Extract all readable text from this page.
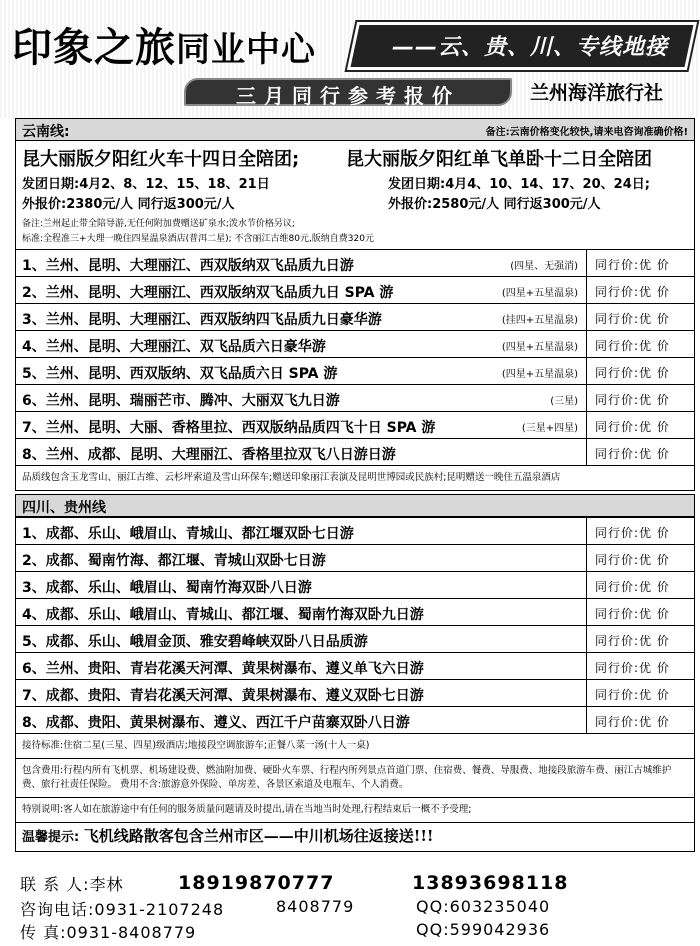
印象之旅同业中心	——云、贵、川、专线地接
三月同行参考报价	兰州海洋旅行社
云南线:	备注:云南价格变化较快,请来电咨询准确价格!
昆大丽版夕阳红火车十四日全陪团;	昆大丽版夕阳红单飞单卧十二日全陪团
发团日期:4月2、8、12、15、18、21日	发团日期:4月4、10、14、17、20、24日;
外报价:2380元/人 同行返300元/人	外报价:2580元/人 同行返300元/人
备注:兰州起止带全陪导游,无任何附加费赠送矿泉水;泼水节价格另议;
标准:全程准三+大理一晚住四星温泉酒店(普洱二星); 不含丽江古维80元,版纳自费320元
1、兰州、昆明、大理丽江、西双版纳双飞品质九日游	(四星、无强消)	同行价:优 价
2、兰州、昆明、大理丽江、西双版纳双飞品质九日 SPA 游	(四星+五星温泉)	同行价:优 价
3、兰州、昆明、大理丽江、西双版纳四飞品质九日豪华游	(挂四+五星温泉)	同行价:优 价
4、兰州、昆明、大理丽江、双飞品质六日豪华游	(四星+五星温泉)	同行价:优 价
5、兰州、昆明、西双版纳、双飞品质六日 SPA 游	(四星+五星温泉)	同行价:优 价
6、兰州、昆明、瑞丽芒市、腾冲、大丽双飞九日游	(三星)	同行价:优 价
7、兰州、昆明、大丽、香格里拉、西双版纳品质四飞十日 SPA 游	(三星+四星)	同行价:优 价
8、兰州、成都、昆明、大理丽江、香格里拉双飞八日游日游	同行价:优 价
品质线包含玉龙雪山、丽江古维、云杉坪索道及雪山环保车;赠送印象丽江表演及昆明世博园或民族村;昆明赠送一晚住五温泉酒店
四川、贵州线
1、成都、乐山、峨眉山、青城山、都江堰双卧七日游	同行价:优 价
2、成都、蜀南竹海、都江堰、青城山双卧七日游	同行价:优 价
3、成都、乐山、峨眉山、蜀南竹海双卧八日游	同行价:优 价
4、成都、乐山、峨眉山、青城山、都江堰、蜀南竹海双卧九日游	同行价:优 价
5、成都、乐山、峨眉金顶、雅安碧峰峡双卧八日品质游	同行价:优 价
6、兰州、贵阳、青岩花溪天河潭、黄果树瀑布、遵义单飞六日游	同行价:优 价
7、成都、贵阳、青岩花溪天河潭、黄果树瀑布、遵义双卧七日游	同行价:优 价
8、成都、贵阳、黄果树瀑布、遵义、西江千户苗寨双卧八日游	同行价:优 价
接待标准:住宿二星(三星、四星)级酒店;地接段空调旅游车;正餐八菜一汤(十人一桌)
包含费用:行程内所有飞机票、机场建设费、燃油附加费、硬卧火车票、行程内所列景点首道门票、住宿费、餐费、导服费、地接段旅游车费、丽江古城维护费、旅行社责任保险。 费用不含:旅游意外保险、单房差、各景区索道及电瓶车、个人消费。
特别说明:客人如在旅游途中有任何的服务质量问题请及时提出,请在当地当时处理,行程结束后一概不予受理;
温馨提示: 飞机线路散客包含兰州市区——中川机场往返接送!!!
联 系 人:李林	18919870777	13893698118
咨询电话:0931-2107248	8408779	QQ:603235040
传 真:0931-8408779	QQ:599042936
